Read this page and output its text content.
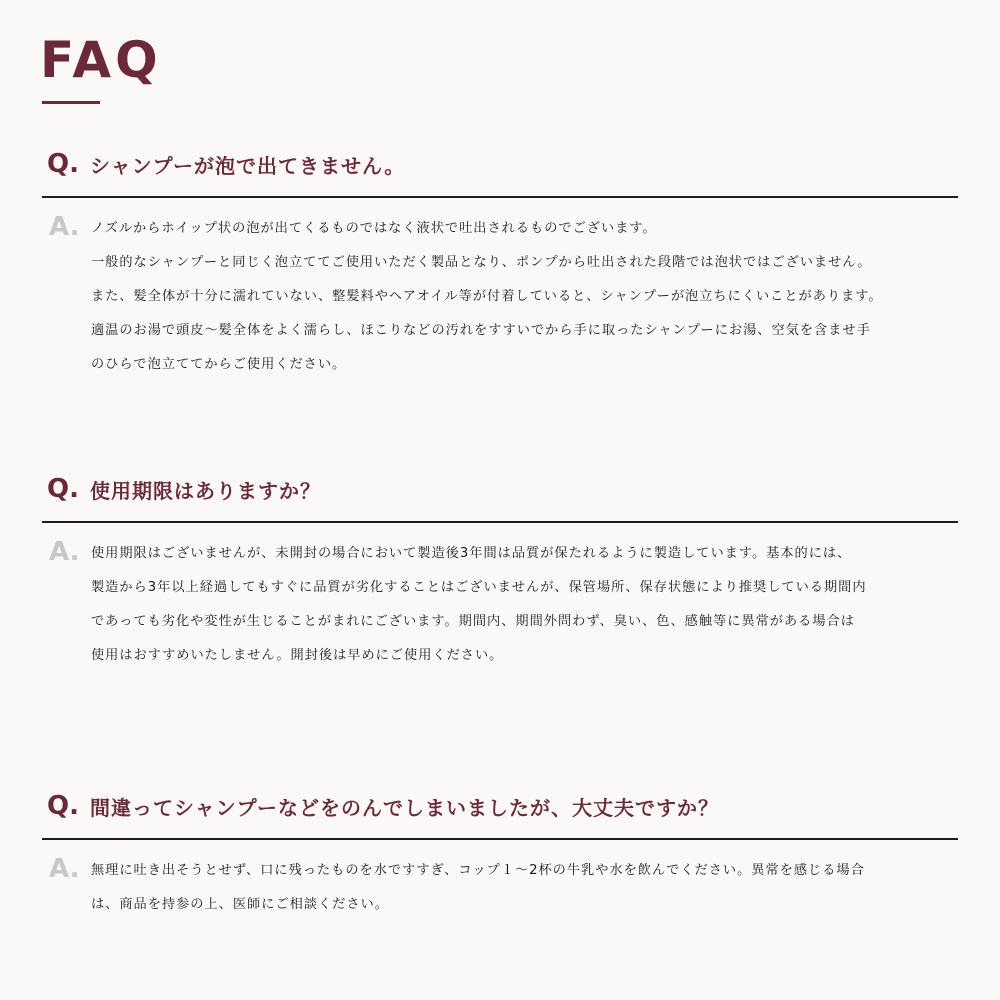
FAQ
Q. シャンプーが泡で出てきません。
A. ノズルからホイップ状の泡が出てくるものではなく液状で吐出されるものでございます。
一般的なシャンプーと同じく泡立ててご使用いただく製品となり、ポンプから吐出された段階では泡状ではございません。
また、髪全体が十分に濡れていない、整髪料やヘアオイル等が付着していると、シャンプーが泡立ちにくいことがあります。
適温のお湯で頭皮〜髪全体をよく濡らし、ほこりなどの汚れをすすいでから手に取ったシャンプーにお湯、空気を含ませ手
のひらで泡立ててからご使用ください。
Q. 使用期限はありますか？
A. 使用期限はございませんが、未開封の場合において製造後3年間は品質が保たれるように製造しています。基本的には、
製造から3年以上経過してもすぐに品質が劣化することはございませんが、保管場所、保存状態により推奨している期間内
であっても劣化や変性が生じることがまれにございます。期間内、期間外問わず、臭い、色、感触等に異常がある場合は
使用はおすすめいたしません。開封後は早めにご使用ください。
Q. 間違ってシャンプーなどをのんでしまいましたが、大丈夫ですか？
A. 無理に吐き出そうとせず、口に残ったものを水ですすぎ、コップ１〜2杯の牛乳や水を飲んでください。異常を感じる場合
は、商品を持参の上、医師にご相談ください。
